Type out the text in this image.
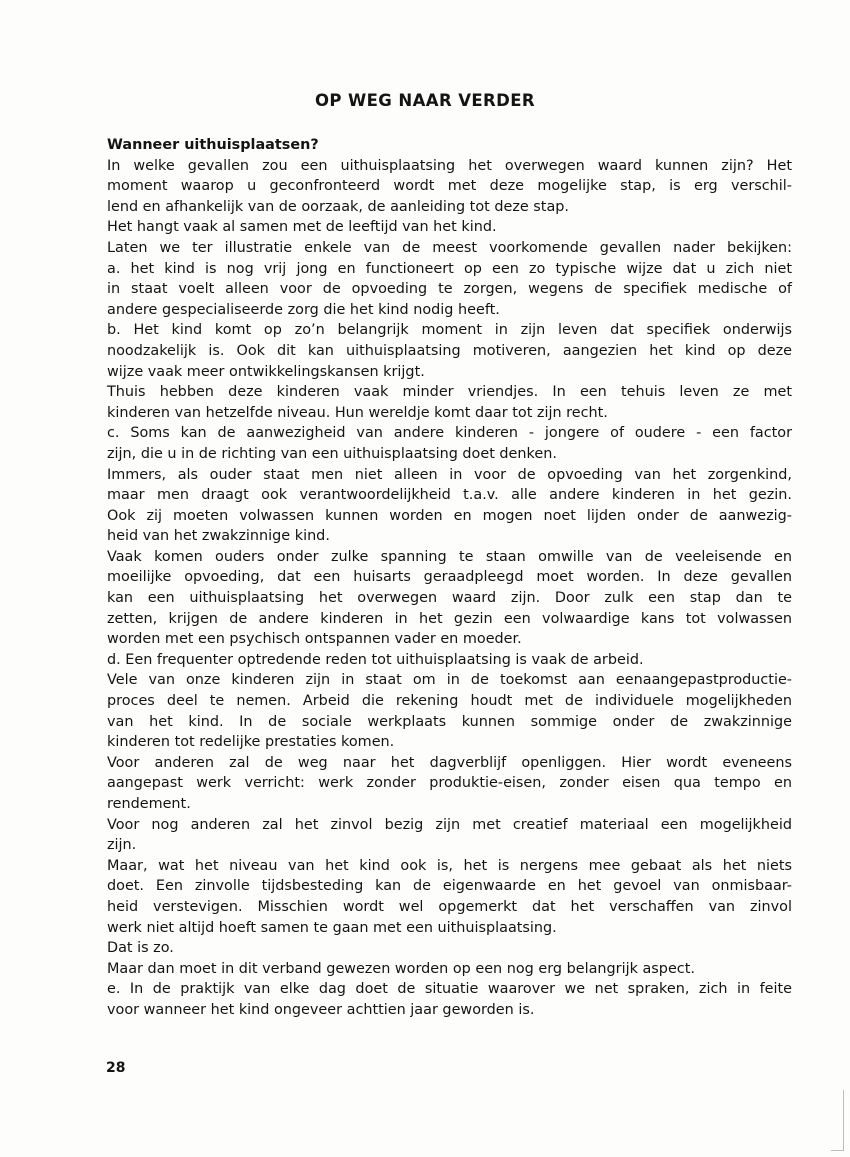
OP WEG NAAR VERDER
Wanneer uithuisplaatsen?
In welke gevallen zou een uithuisplaatsing het overwegen waard kunnen zijn? Het
moment waarop u geconfronteerd wordt met deze mogelijke stap, is erg verschil-
lend en afhankelijk van de oorzaak, de aanleiding tot deze stap.
Het hangt vaak al samen met de leeftijd van het kind.
Laten we ter illustratie enkele van de meest voorkomende gevallen nader bekijken:
a. het kind is nog vrij jong en functioneert op een zo typische wijze dat u zich niet
in staat voelt alleen voor de opvoeding te zorgen, wegens de specifiek medische of
andere gespecialiseerde zorg die het kind nodig heeft.
b. Het kind komt op zo’n belangrijk moment in zijn leven dat specifiek onderwijs
noodzakelijk is. Ook dit kan uithuisplaatsing motiveren, aangezien het kind op deze
wijze vaak meer ontwikkelingskansen krijgt.
Thuis hebben deze kinderen vaak minder vriendjes. In een tehuis leven ze met
kinderen van hetzelfde niveau. Hun wereldje komt daar tot zijn recht.
c. Soms kan de aanwezigheid van andere kinderen - jongere of oudere - een factor
zijn, die u in de richting van een uithuisplaatsing doet denken.
Immers, als ouder staat men niet alleen in voor de opvoeding van het zorgenkind,
maar men draagt ook verantwoordelijkheid t.a.v. alle andere kinderen in het gezin.
Ook zij moeten volwassen kunnen worden en mogen noet lijden onder de aanwezig-
heid van het zwakzinnige kind.
Vaak komen ouders onder zulke spanning te staan omwille van de veeleisende en
moeilijke opvoeding, dat een huisarts geraadpleegd moet worden. In deze gevallen
kan een uithuisplaatsing het overwegen waard zijn. Door zulk een stap dan te
zetten, krijgen de andere kinderen in het gezin een volwaardige kans tot volwassen
worden met een psychisch ontspannen vader en moeder.
d. Een frequenter optredende reden tot uithuisplaatsing is vaak de arbeid.
Vele van onze kinderen zijn in staat om in de toekomst aan eenaangepastproductie-
proces deel te nemen. Arbeid die rekening houdt met de individuele mogelijkheden
van het kind. In de sociale werkplaats kunnen sommige onder de zwakzinnige
kinderen tot redelijke prestaties komen.
Voor anderen zal de weg naar het dagverblijf openliggen. Hier wordt eveneens
aangepast werk verricht: werk zonder produktie-eisen, zonder eisen qua tempo en
rendement.
Voor nog anderen zal het zinvol bezig zijn met creatief materiaal een mogelijkheid
zijn.
Maar, wat het niveau van het kind ook is, het is nergens mee gebaat als het niets
doet. Een zinvolle tijdsbesteding kan de eigenwaarde en het gevoel van onmisbaar-
heid verstevigen. Misschien wordt wel opgemerkt dat het verschaffen van zinvol
werk niet altijd hoeft samen te gaan met een uithuisplaatsing.
Dat is zo.
Maar dan moet in dit verband gewezen worden op een nog erg belangrijk aspect.
e. In de praktijk van elke dag doet de situatie waarover we net spraken, zich in feite
voor wanneer het kind ongeveer achttien jaar geworden is.
28
